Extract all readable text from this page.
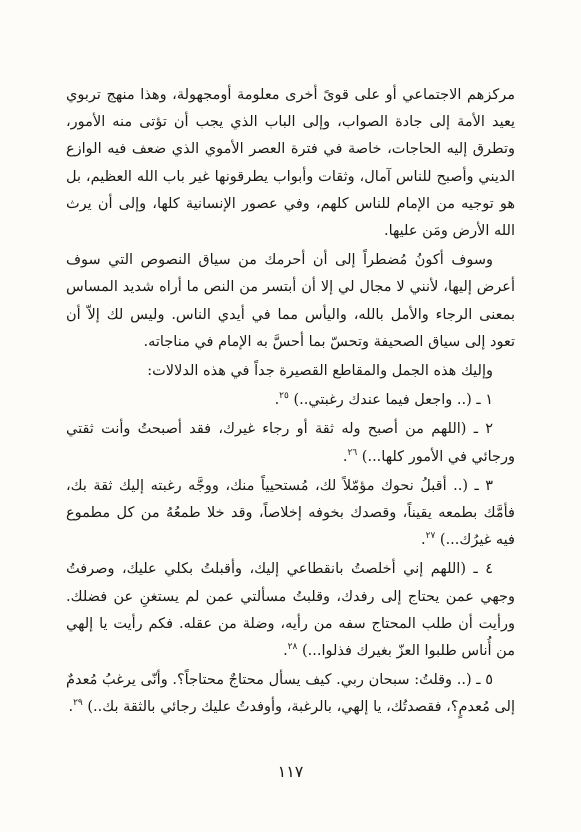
مركزهم الاجتماعي أو على قوىً أخرى معلومة أومجهولة، وهذا منهج تربوي يعيد الأمة إلى جادة الصواب، وإلى الباب الذي يجب أن تؤتى منه الأمور، وتطرق إليه الحاجات، خاصة في فترة العصر الأموي الذي ضعف فيه الوازع الديني وأصبح للناس آمال، وثقات وأبواب يطرقونها غير باب الله العظيم، بل هو توجيه من الإمام للناس كلهم، وفي عصور الإنسانية كلها، وإلى أن يرث الله الأرض ومَن عليها.

وسوف أكونُ مُضطراً إلى أن أحرمك من سياق النصوص التي سوف أعرض إليها، لأنني لا مجال لي إلا أن أبتسر من النص ما أراه شديد المساس بمعنى الرجاء والأمل بالله، واليأس مما في أيدي الناس. وليس لك إلاّ أن تعود إلى سياق الصحيفة وتحسّ بما أحسَّ به الإمام في مناجاته.

وإليك هذه الجمل والمقاطع القصيرة جداً في هذه الدلالات:

١ ـ (.. واجعل فيما عندك رغبتي..) $^{٢٥}$.

٢ ـ (اللهم من أصبح وله ثقة أو رجاء غيرك، فقد أصبحتُ وأنت ثقتي ورجائي في الأمور كلها...) $^{٢٦}$.

٣ ـ (.. أقبلُ نحوك مؤمّلاً لك، مُستحيياً منك، ووجَّه رغبته إليك ثقة بك، فأمَّك بطمعه يقيناً، وقصدك بخوفه إخلاصاً، وقد خلا طمعُهُ من كل مطموع فيه غيرُك...) $^{٢٧}$.

٤ ـ (اللهم إني أخلصتُ بانقطاعي إليك، وأقبلتُ بكلي عليك، وصرفتُ وجهي عمن يحتاج إلى رفدك، وقلبتُ مسألتي عمن لم يستغنِ عن فضلك. ورأيت أن طلب المحتاج سفه من رأيه، وضلة من عقله. فكم رأيت يا إلهي من أُناس طلبوا العزّ بغيرك فذلوا...) $^{٢٨}$.

٥ ـ (.. وقلتُ: سبحان ربي. كيف يسأل محتاجٌ محتاجاً؟. وأنّى يرغبُ مُعدمٌ إلى مُعدمٍ؟، فقصدتُك، يا إلهي، بالرغبة، وأوفدتُ عليك رجائي بالثقة بك..) $^{٢٩}$.

١١٧
